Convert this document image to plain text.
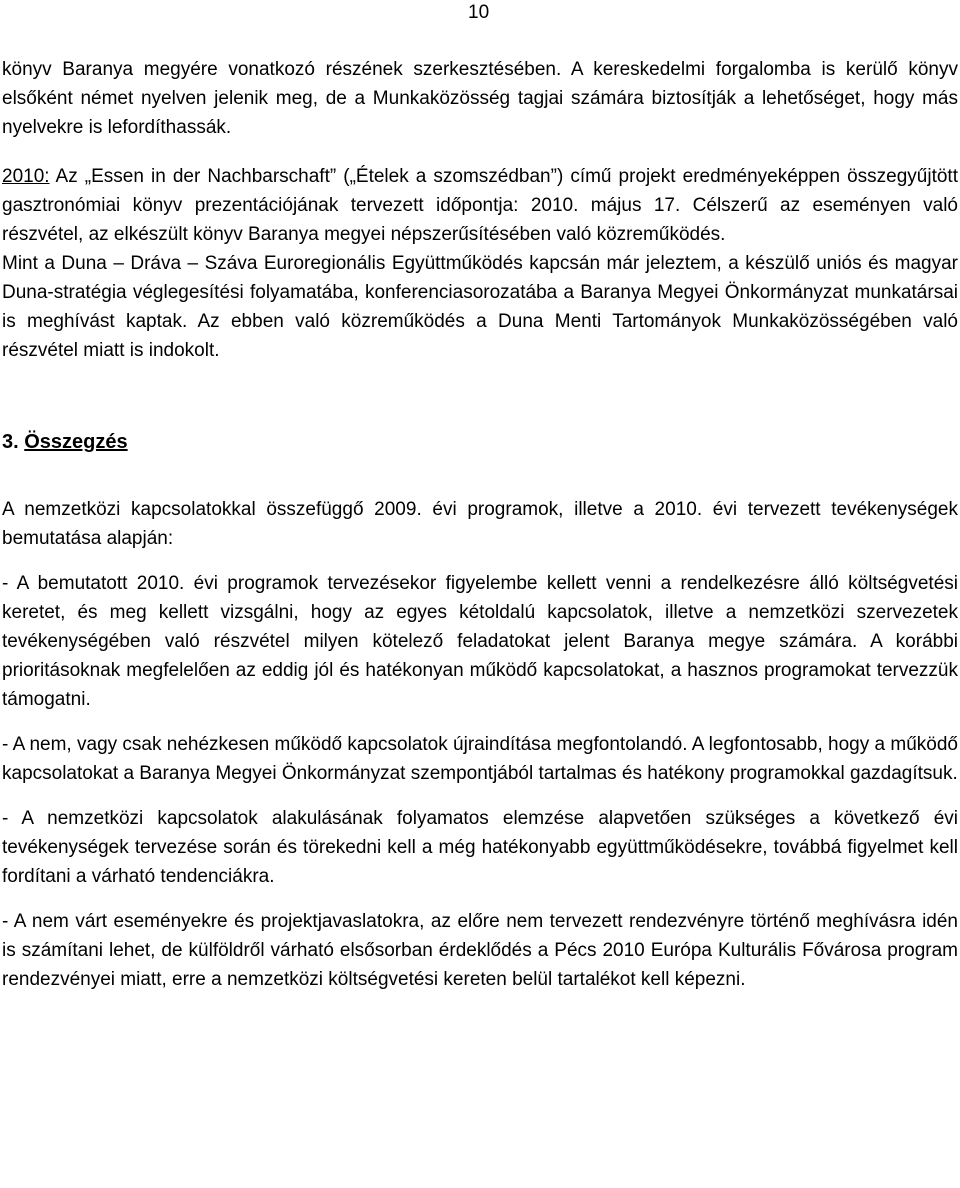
10

könyv Baranya megyére vonatkozó részének szerkesztésében. A kereskedelmi forgalomba is kerülő könyv elsőként német nyelven jelenik meg, de a Munkaközösség tagjai számára biztosítják a lehetőséget, hogy más nyelvekre is lefordíthassák.

2010: Az „Essen in der Nachbarschaft” („Ételek a szomszédban”) című projekt eredményeképpen összegyűjtött gasztronómiai könyv prezentációjának tervezett időpontja: 2010. május 17. Célszerű az eseményen való részvétel, az elkészült könyv Baranya megyei népszerűsítésében való közreműködés.

Mint a Duna – Dráva – Száva Euroregionális Együttműködés kapcsán már jeleztem, a készülő uniós és magyar Duna-stratégia véglegesítési folyamatába, konferenciasorozatába a Baranya Megyei Önkormányzat munkatársai is meghívást kaptak. Az ebben való közreműködés a Duna Menti Tartományok Munkaközösségében való részvétel miatt is indokolt.

3. Összegzés

A nemzetközi kapcsolatokkal összefüggő 2009. évi programok, illetve a 2010. évi tervezett tevékenységek bemutatása alapján:

- A bemutatott 2010. évi programok tervezésekor figyelembe kellett venni a rendelkezésre álló költségvetési keretet, és meg kellett vizsgálni, hogy az egyes kétoldalú kapcsolatok, illetve a nemzetközi szervezetek tevékenységében való részvétel milyen kötelező feladatokat jelent Baranya megye számára. A korábbi prioritásoknak megfelelően az eddig jól és hatékonyan működő kapcsolatokat, a hasznos programokat tervezzük támogatni.

- A nem, vagy csak nehézkesen működő kapcsolatok újraindítása megfontolandó. A legfontosabb, hogy a működő kapcsolatokat a Baranya Megyei Önkormányzat szempontjából tartalmas és hatékony programokkal gazdagítsuk.

- A nemzetközi kapcsolatok alakulásának folyamatos elemzése alapvetően szükséges a következő évi tevékenységek tervezése során és törekedni kell a még hatékonyabb együttműködésekre, továbbá figyelmet kell fordítani a várható tendenciákra.

- A nem várt eseményekre és projektjavaslatokra, az előre nem tervezett rendezvényre történő meghívásra idén is számítani lehet, de külföldről várható elsősorban érdeklődés a Pécs 2010 Európa Kulturális Fővárosa program rendezvényei miatt, erre a nemzetközi költségvetési kereten belül tartalékot kell képezni.
